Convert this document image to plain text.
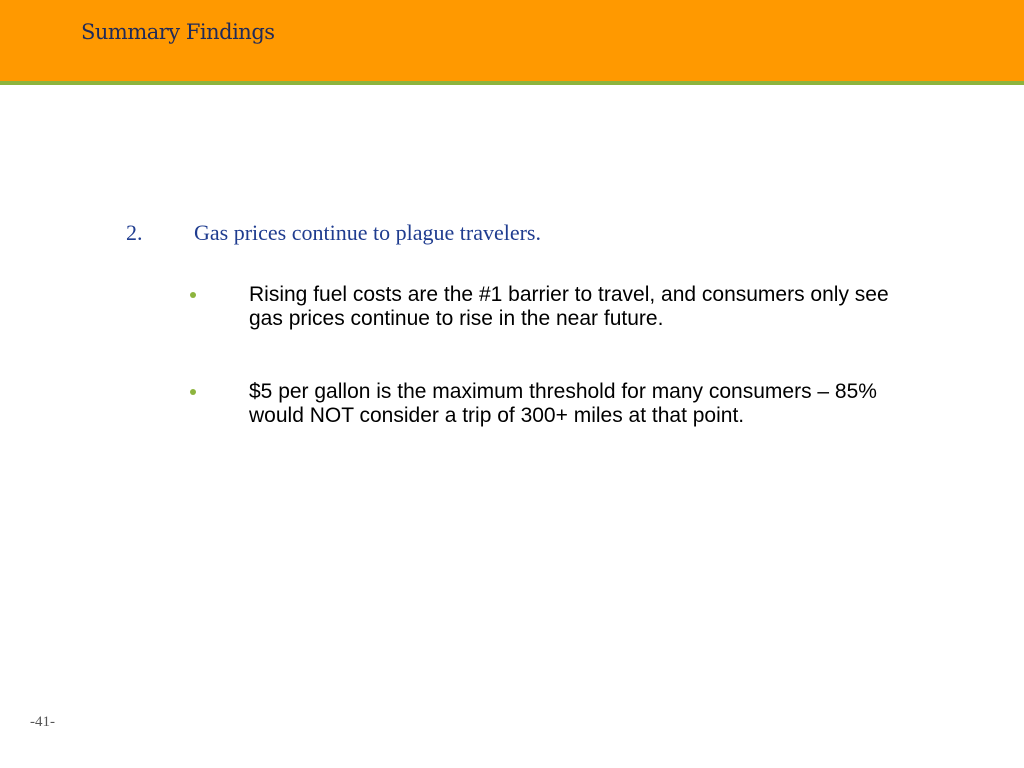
Summary Findings
2. Gas prices continue to plague travelers.
Rising fuel costs are the #1 barrier to travel, and consumers only see gas prices continue to rise in the near future.
$5 per gallon is the maximum threshold for many consumers – 85% would NOT consider a trip of 300+ miles at that point.
-41-
